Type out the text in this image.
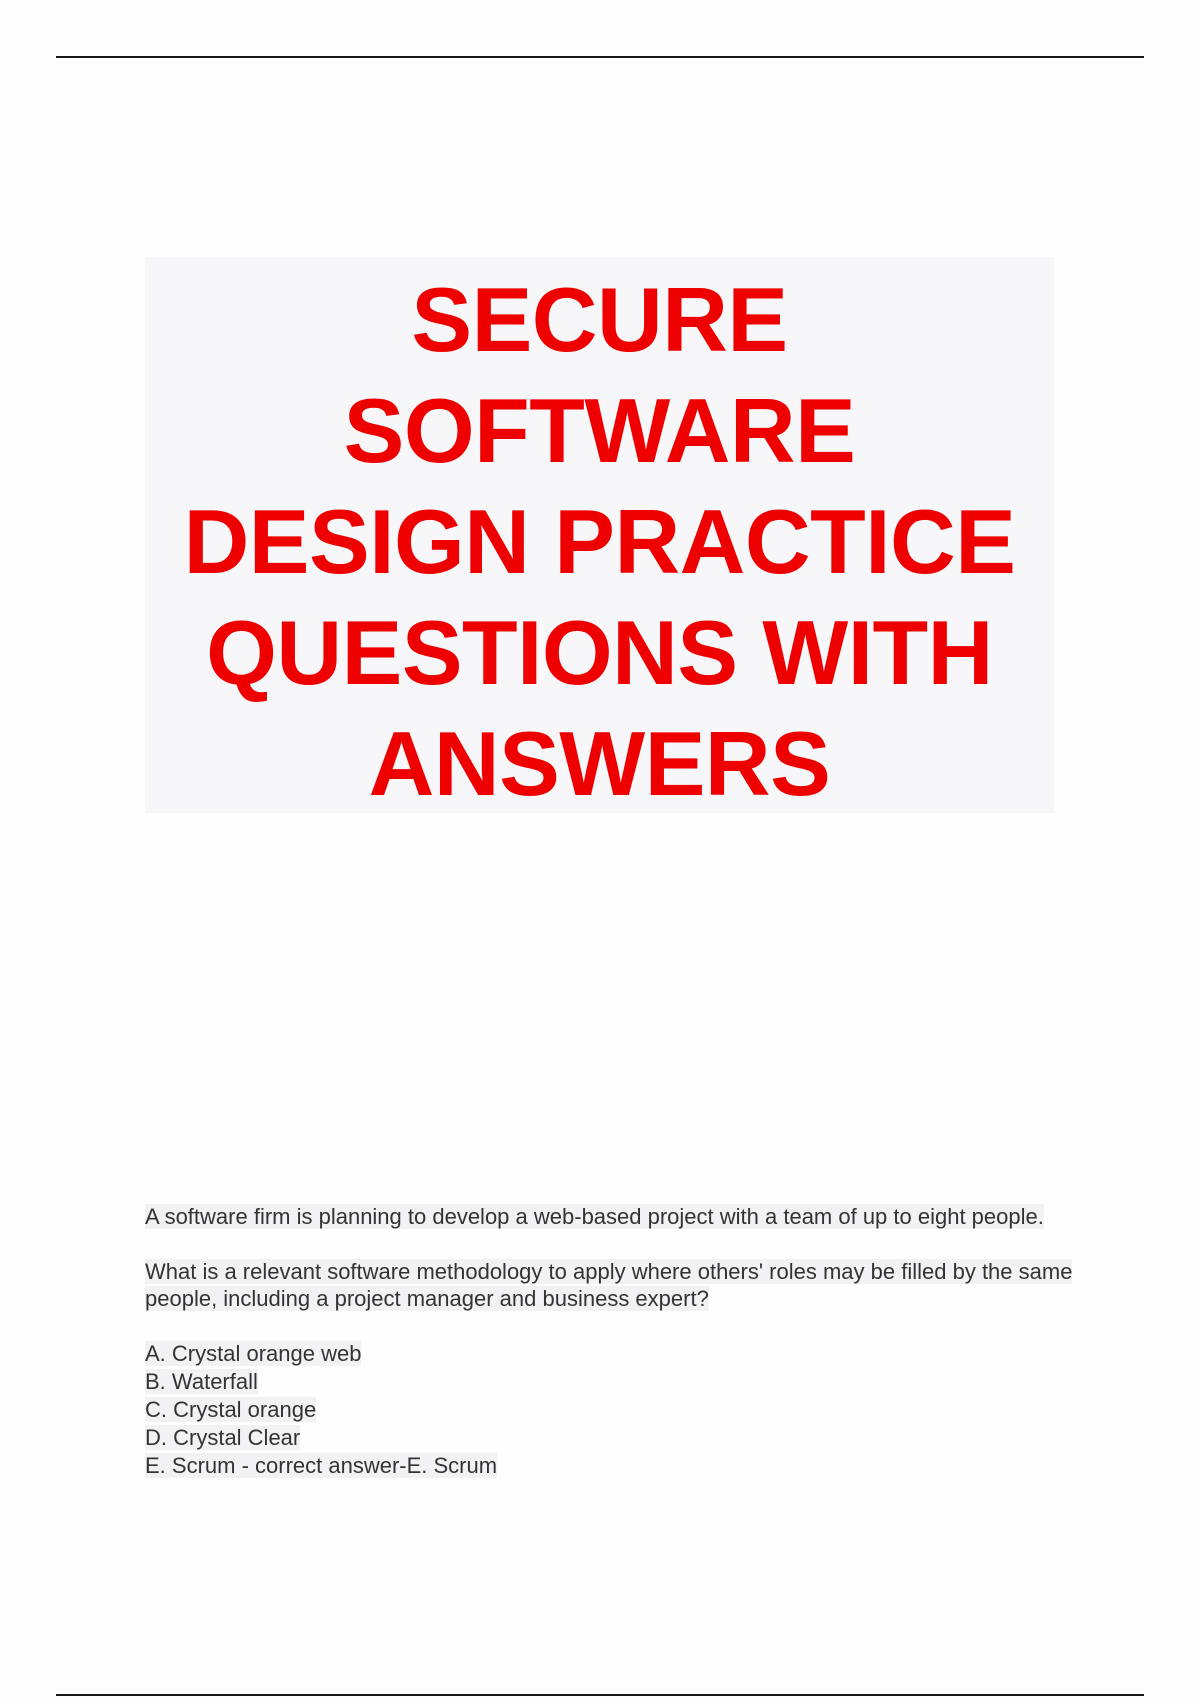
SECURE
SOFTWARE
DESIGN PRACTICE
QUESTIONS WITH
ANSWERS

A software firm is planning to develop a web-based project with a team of up to eight people.

What is a relevant software methodology to apply where others' roles may be filled by the same people, including a project manager and business expert?

A. Crystal orange web
B. Waterfall
C. Crystal orange
D. Crystal Clear
E. Scrum - correct answer-E. Scrum
